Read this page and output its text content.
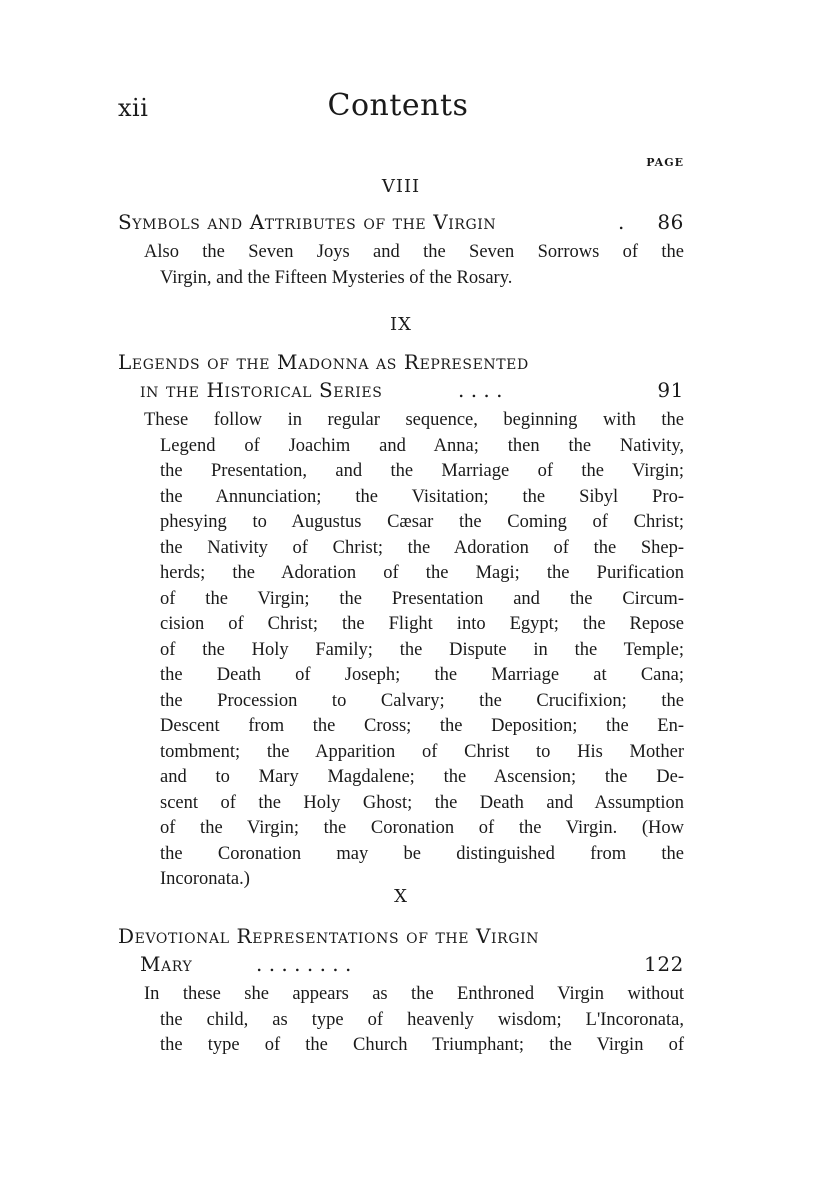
xii	Contents
PAGE
VIII
Symbols and Attributes of the Virgin	. 86
Also the Seven Joys and the Seven Sorrows of the
Virgin, and the Fifteen Mysteries of the Rosary.
IX
Legends of the Madonna as Represented
in the Historical Series	. . . .	91
These follow in regular sequence, beginning with the
Legend of Joachim and Anna; then the Nativity,
the Presentation, and the Marriage of the Virgin;
the Annunciation; the Visitation; the Sibyl Pro-
phesying to Augustus Cæsar the Coming of Christ;
the Nativity of Christ; the Adoration of the Shep-
herds; the Adoration of the Magi; the Purification
of the Virgin; the Presentation and the Circum-
cision of Christ; the Flight into Egypt; the Repose
of the Holy Family; the Dispute in the Temple;
the Death of Joseph; the Marriage at Cana;
the Procession to Calvary; the Crucifixion; the
Descent from the Cross; the Deposition; the En-
tombment; the Apparition of Christ to His Mother
and to Mary Magdalene; the Ascension; the De-
scent of the Holy Ghost; the Death and Assumption
of the Virgin; the Coronation of the Virgin. (How
the Coronation may be distinguished from the
Incoronata.)
X
Devotional Representations of the Virgin
Mary	. . . . . . . .	122
In these she appears as the Enthroned Virgin without
the child, as type of heavenly wisdom; L'Incoronata,
the type of the Church Triumphant; the Virgin of
